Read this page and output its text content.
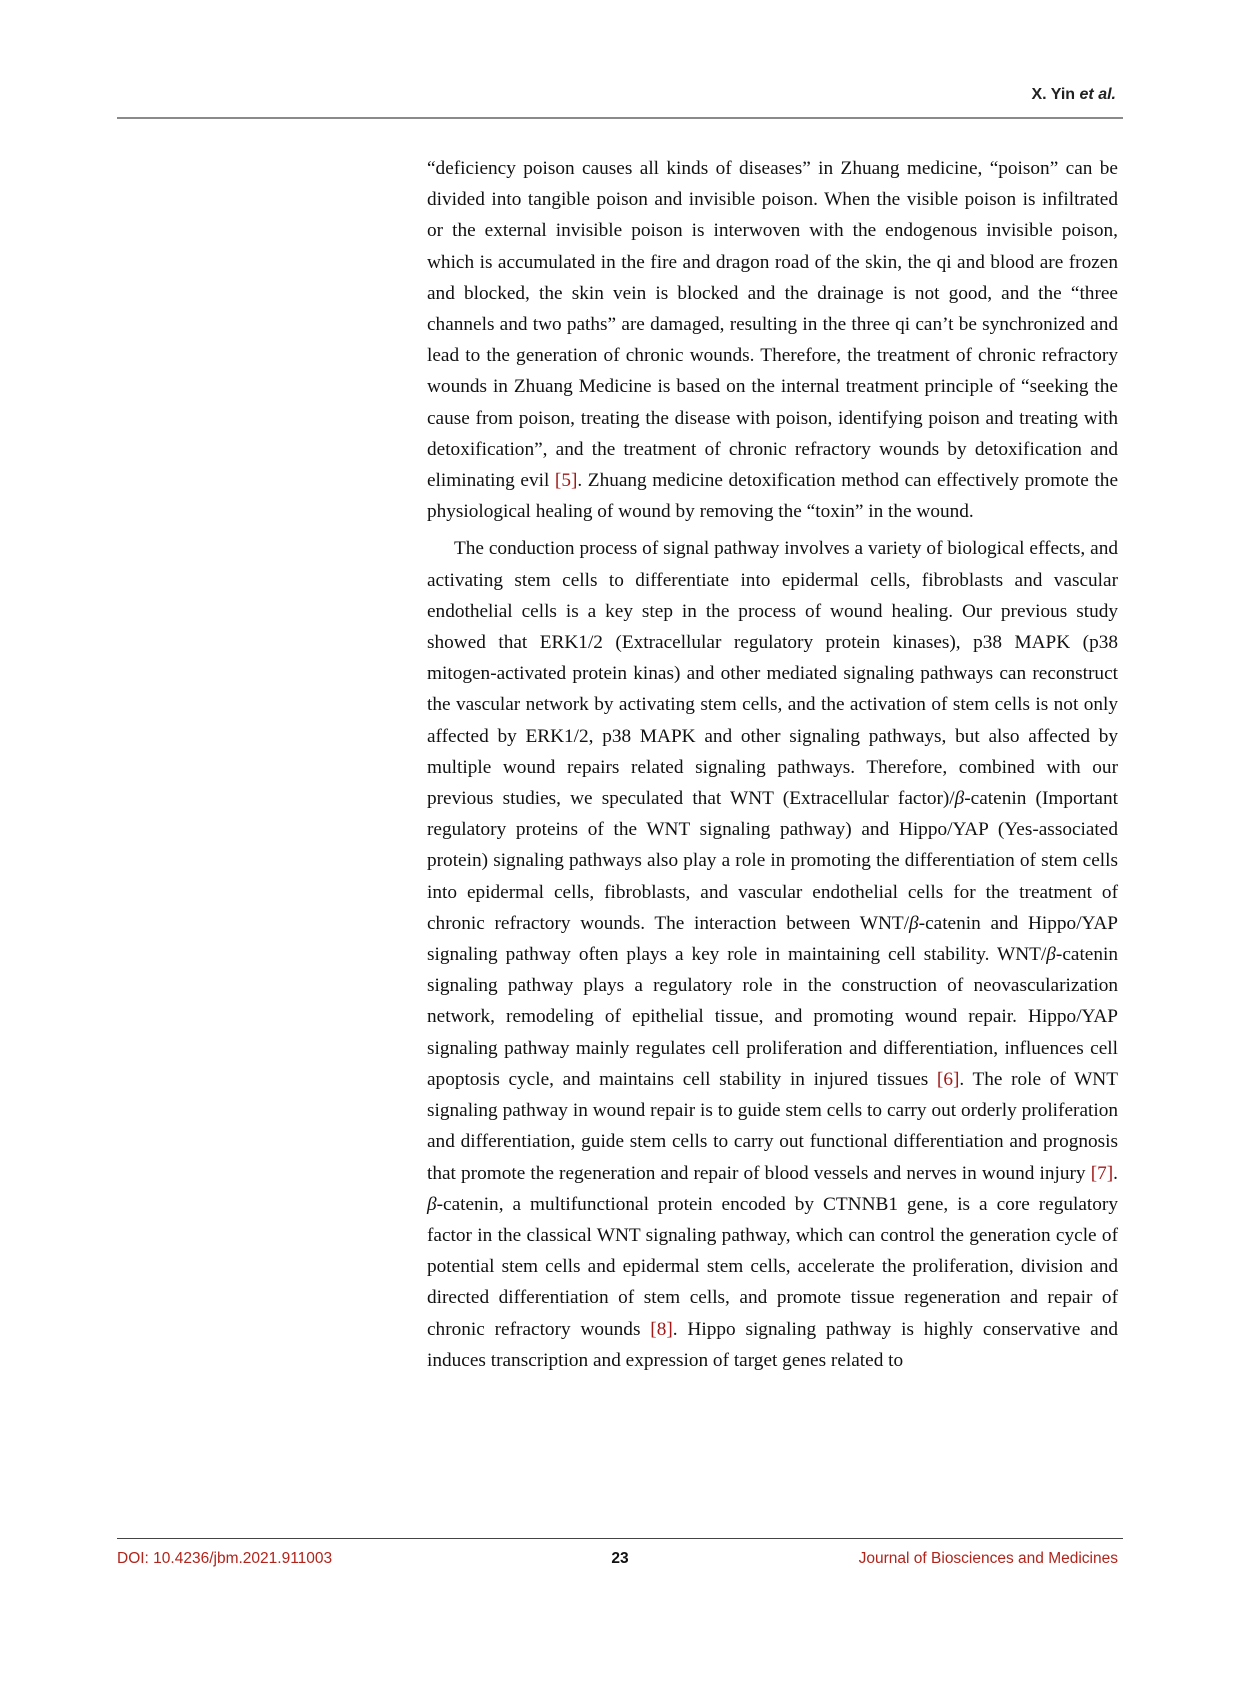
X. Yin et al.

“deficiency poison causes all kinds of diseases” in Zhuang medicine, “poison” can be divided into tangible poison and invisible poison. When the visible poison is infiltrated or the external invisible poison is interwoven with the endogenous invisible poison, which is accumulated in the fire and dragon road of the skin, the qi and blood are frozen and blocked, the skin vein is blocked and the drainage is not good, and the “three channels and two paths” are damaged, resulting in the three qi can’t be synchronized and lead to the generation of chronic wounds. Therefore, the treatment of chronic refractory wounds in Zhuang Medicine is based on the internal treatment principle of “seeking the cause from poison, treating the disease with poison, identifying poison and treating with detoxification”, and the treatment of chronic refractory wounds by detoxification and eliminating evil [5]. Zhuang medicine detoxification method can effectively promote the physiological healing of wound by removing the “toxin” in the wound.

The conduction process of signal pathway involves a variety of biological effects, and activating stem cells to differentiate into epidermal cells, fibroblasts and vascular endothelial cells is a key step in the process of wound healing. Our previous study showed that ERK1/2 (Extracellular regulatory protein kinases), p38 MAPK (p38 mitogen-activated protein kinas) and other mediated signaling pathways can reconstruct the vascular network by activating stem cells, and the activation of stem cells is not only affected by ERK1/2, p38 MAPK and other signaling pathways, but also affected by multiple wound repairs related signaling pathways. Therefore, combined with our previous studies, we speculated that WNT (Extracellular factor)/β-catenin (Important regulatory proteins of the WNT signaling pathway) and Hippo/YAP (Yes-associated protein) signaling pathways also play a role in promoting the differentiation of stem cells into epidermal cells, fibroblasts, and vascular endothelial cells for the treatment of chronic refractory wounds. The interaction between WNT/β-catenin and Hippo/YAP signaling pathway often plays a key role in maintaining cell stability. WNT/β-catenin signaling pathway plays a regulatory role in the construction of neovascularization network, remodeling of epithelial tissue, and promoting wound repair. Hippo/YAP signaling pathway mainly regulates cell proliferation and differentiation, influences cell apoptosis cycle, and maintains cell stability in injured tissues [6]. The role of WNT signaling pathway in wound repair is to guide stem cells to carry out orderly proliferation and differentiation, guide stem cells to carry out functional differentiation and prognosis that promote the regeneration and repair of blood vessels and nerves in wound injury [7]. β-catenin, a multifunctional protein encoded by CTNNB1 gene, is a core regulatory factor in the classical WNT signaling pathway, which can control the generation cycle of potential stem cells and epidermal stem cells, accelerate the proliferation, division and directed differentiation of stem cells, and promote tissue regeneration and repair of chronic refractory wounds [8]. Hippo signaling pathway is highly conservative and induces transcription and expression of target genes related to

DOI: 10.4236/jbm.2021.911003	23	Journal of Biosciences and Medicines
